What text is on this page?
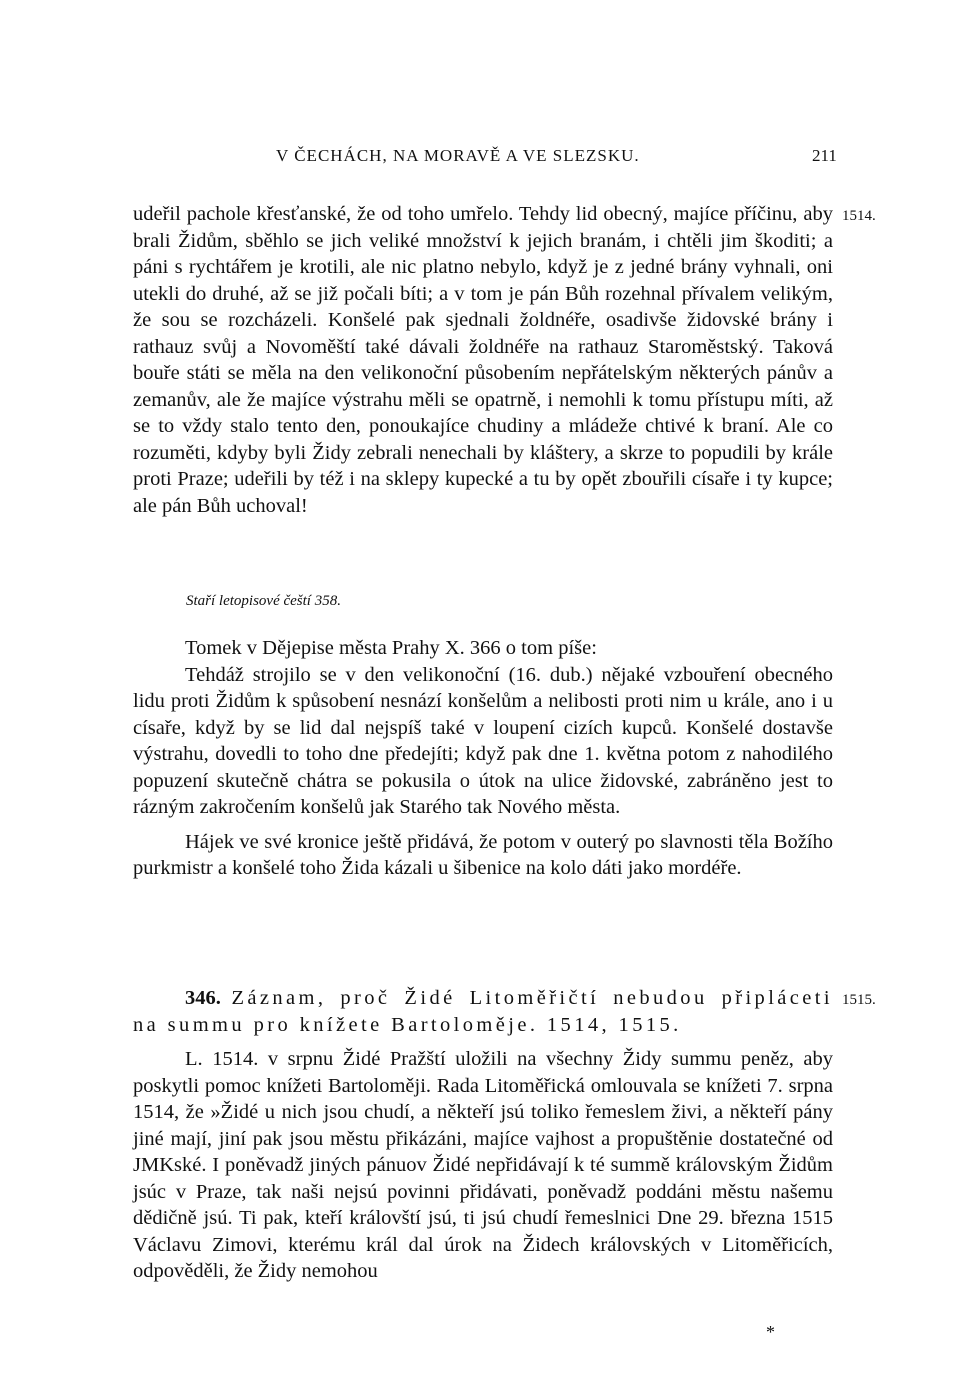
V ČECHÁCH, NA MORAVĚ A VE SLEZSKU.	211
1514.
1515.

udeřil pachole křesťanské, že od toho umřelo. Tehdy lid obecný, majíce příčinu, aby brali Židům, sběhlo se jich veliké množství k jejich branám, i chtěli jim škoditi; a páni s rychtářem je krotili, ale nic platno nebylo, když je z jedné brány vyhnali, oni utekli do druhé, až se již počali bíti; a v tom je pán Bůh rozehnal přívalem velikým, že sou se rozcházeli. Konšelé pak sjednali žoldnéře, osadivše židovské brány i rathauz svůj a Novoměští také dávali žoldnéře na rathauz Staroměstský. Taková bouře státi se měla na den velikonoční působením nepřátelským některých pánův a zemanův, ale že majíce výstrahu měli se opatrně, i nemohli k tomu přístupu míti, až se to vždy stalo tento den, ponoukajíce chudiny a mládeže chtivé k braní. Ale co rozuměti, kdyby byli Židy zebrali nenechali by kláštery, a skrze to popudili by krále proti Praze; udeřili by též i na sklepy kupecké a tu by opět zbouřili císaře i ty kupce; ale pán Bůh uchoval!

Staří letopisové čeští 358.

Tomek v Dějepise města Prahy X. 366 o tom píše:

Tehdáž strojilo se v den velikonoční (16. dub.) nějaké vzbouření obecného lidu proti Židům k spůsobení nesnází konšelům a nelibosti proti nim u krále, ano i u císaře, když by se lid dal nejspíš také v loupení cizích kupců. Konšelé dostavše výstrahu, dovedli to toho dne předejíti; když pak dne 1. května potom z nahodilého popuzení skutečně chátra se pokusila o útok na ulice židovské, zabráněno jest to rázným zakročením konšelů jak Starého tak Nového města.

Hájek ve své kronice ještě přidává, že potom v outerý po slavnosti těla Božího purkmistr a konšelé toho Žida kázali u šibenice na kolo dáti jako mordéře.

346. Záznam, proč Židé Litoměřičtí nebudou připláceti na summu pro knížete Bartoloměje. 1514, 1515.

L. 1514. v srpnu Židé Pražští uložili na všechny Židy summu peněz, aby poskytli pomoc knížeti Bartoloměji. Rada Litoměřická omlouvala se knížeti 7. srpna 1514, že »Židé u nich jsou chudí, a někteří jsú toliko řemeslem živi, a někteří pány jiné mají, jiní pak jsou městu přikázáni, majíce vajhost a propuštěnie dostatečné od JMKské. I poněvadž jiných pánuov Židé nepřidávají k té summě královským Židům jsúc v Praze, tak naši nejsú povinni přidávati, poněvadž poddáni městu našemu dědičně jsú. Ti pak, kteří královští jsú, ti jsú chudí řemeslnici Dne 29. března 1515 Václavu Zimovi, kterému král dal úrok na Židech královských v Litoměřicích, odpověděli, že Židy nemohou

*
